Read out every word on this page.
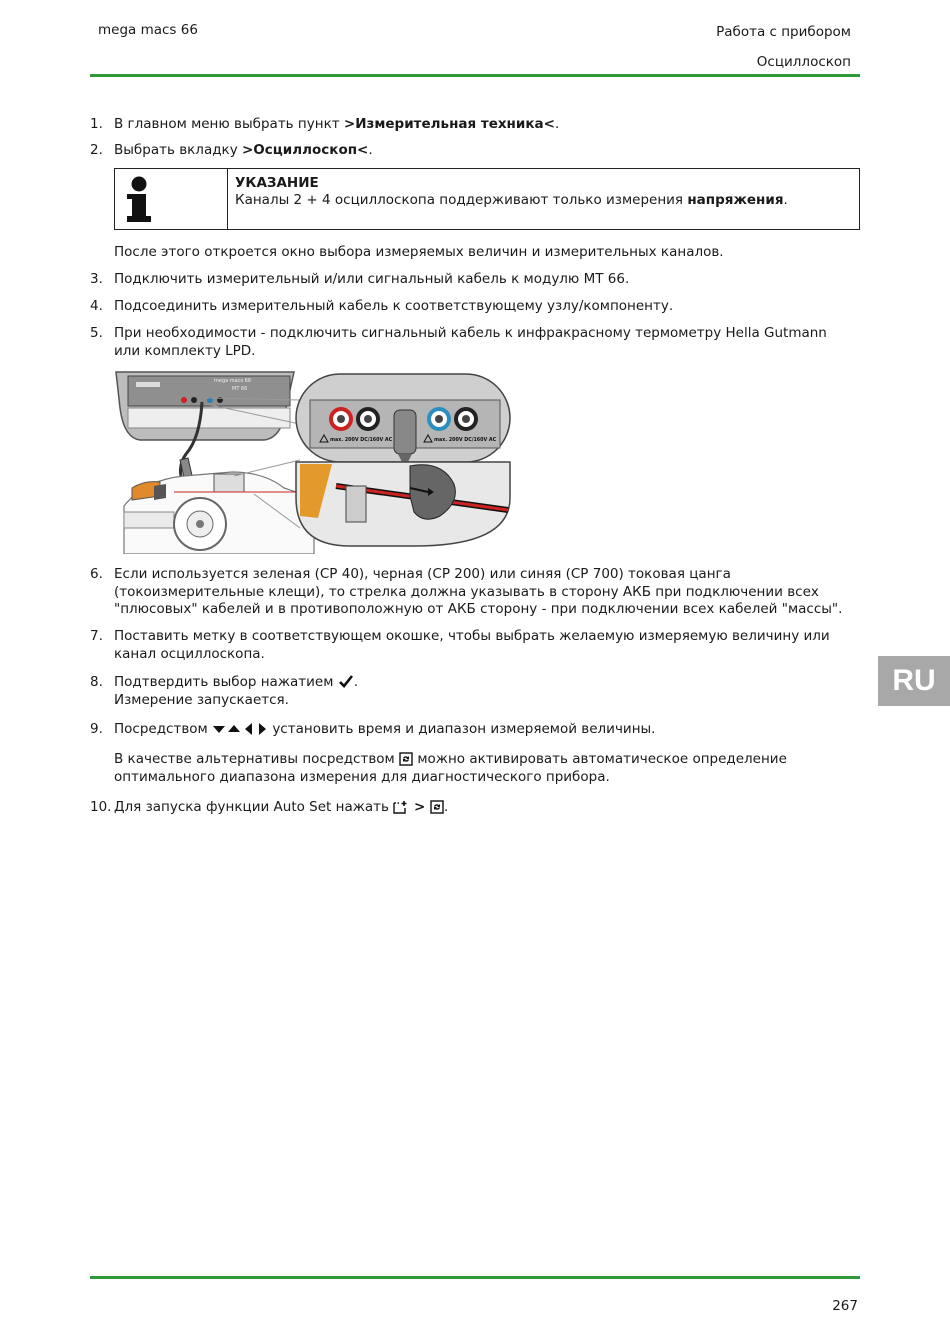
mega macs 66	Работа с прибором
Осциллоскоп
1. В главном меню выбрать пункт >Измерительная техника<.
2. Выбрать вкладку >Осциллоскоп<.
УКАЗАНИЕ
Каналы 2 + 4 осциллоскопа поддерживают только измерения напряжения.
После этого откроется окно выбора измеряемых величин и измерительных каналов.
3. Подключить измерительный и/или сигнальный кабель к модулю MT 66.
4. Подсоединить измерительный кабель к соответствующему узлу/компоненту.
5. При необходимости - подключить сигнальный кабель к инфракрасному термометру Hella Gutmann или комплекту LPD.
mega macs 66
MT 66
max. 200V DC/160V AC	max. 200V DC/160V AC
6. Если используется зеленая (CP 40), черная (CP 200) или синяя (CP 700) токовая цанга (токоизмерительные клещи), то стрелка должна указывать в сторону АКБ при подключении всех "плюсовых" кабелей и в противоположную от АКБ сторону - при подключении всех кабелей "массы".
7. Поставить метку в соответствующем окошке, чтобы выбрать желаемую измеряемую величину или канал осциллоскопа.
8. Подтвердить выбор нажатием .
Измерение запускается.
9. Посредством	установить время и диапазон измеряемой величины.
В качестве альтернативы посредством  можно активировать автоматическое определение оптимального диапазона измерения для диагностического прибора.
10. Для запуска функции Auto Set нажать  > .
RU
267
